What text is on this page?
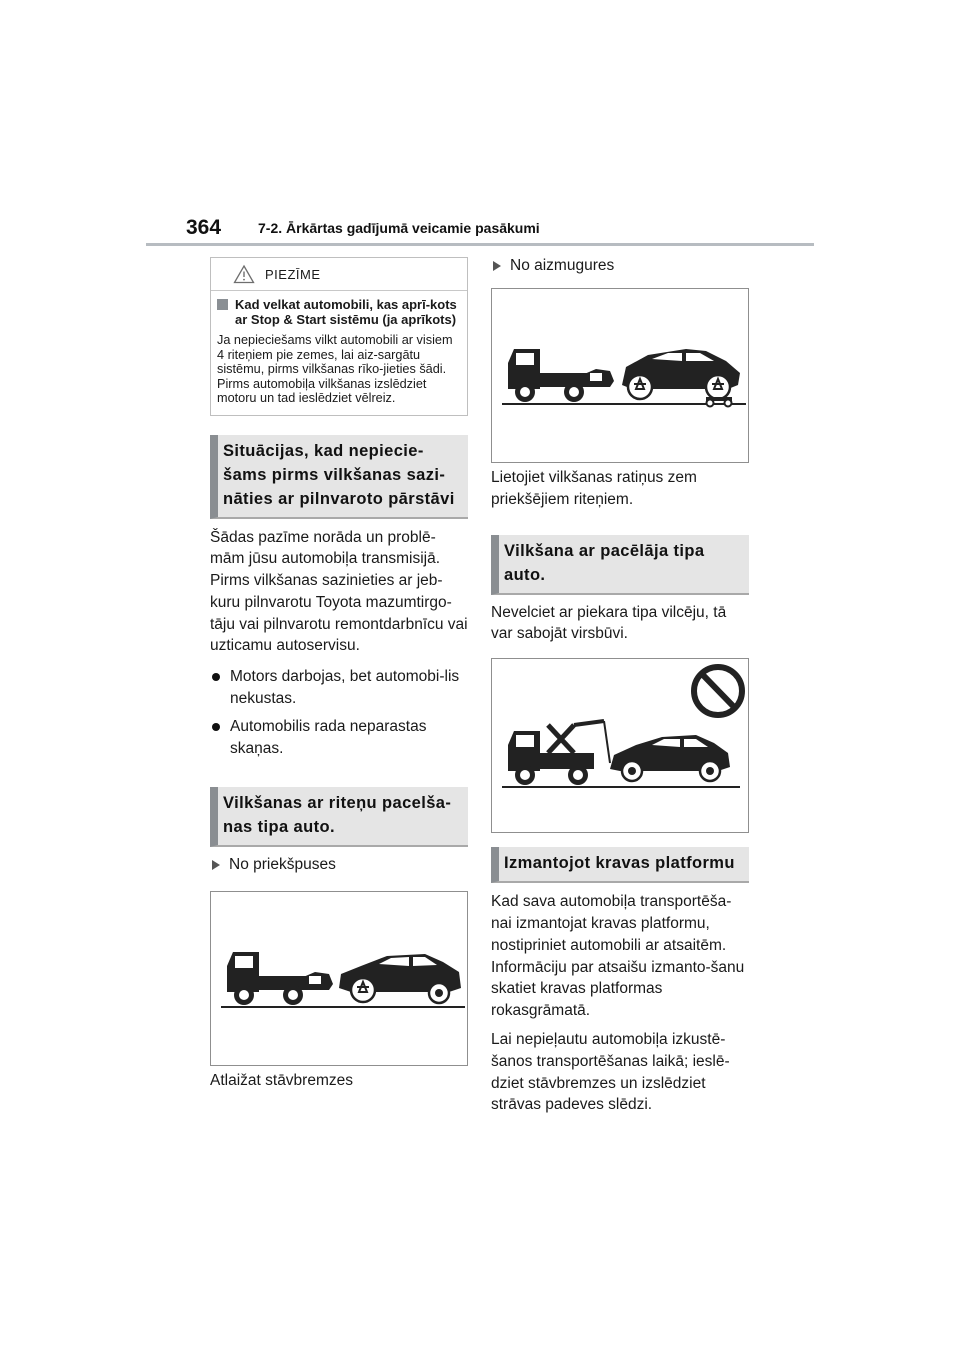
364	7-2. Ārkārtas gadījumā veicamie pasākumi
PIEZĪME
Kad velkat automobili, kas aprī-kots ar Stop & Start sistēmu (ja aprīkots)
Ja nepieciešams vilkt automobili ar visiem 4 riteņiem pie zemes, lai aiz-sargātu sistēmu, pirms vilkšanas rīko-jieties šādi. Pirms automobiļa vilkšanas izslēdziet motoru un tad ieslēdziet vēlreiz.
Situācijas, kad nepiecie-šams pirms vilkšanas sazi-nāties ar pilnvaroto pārstāvi
Šādas pazīme norāda un problē-mām jūsu automobiļa transmisijā. Pirms vilkšanas sazinieties ar jeb-kuru pilnvarotu Toyota mazumtirgo-tāju vai pilnvarotu remontdarbnīcu vai uzticamu autoservisu.
Motors darbojas, bet automobi-lis nekustas.
Automobilis rada neparastas skaņas.
Vilkšanas ar riteņu pacelša-nas tipa auto.
No priekšpuses
Atlaižat stāvbremzes
No aizmugures
Lietojiet vilkšanas ratiņus zem priekšējiem riteņiem.
Vilkšana ar pacēlāja tipa auto.
Nevelciet ar piekara tipa vilcēju, tā var sabojāt virsbūvi.
Izmantojot kravas platformu
Kad sava automobiļa transportēša-nai izmantojat kravas platformu, nostipriniet automobili ar atsaitēm. Informāciju par atsaišu izmanto-šanu skatiet kravas platformas rokasgrāmatā.
Lai nepieļautu automobiļa izkustē-šanos transportēšanas laikā; ieslē-dziet stāvbremzes un izslēdziet strāvas padeves slēdzi.
